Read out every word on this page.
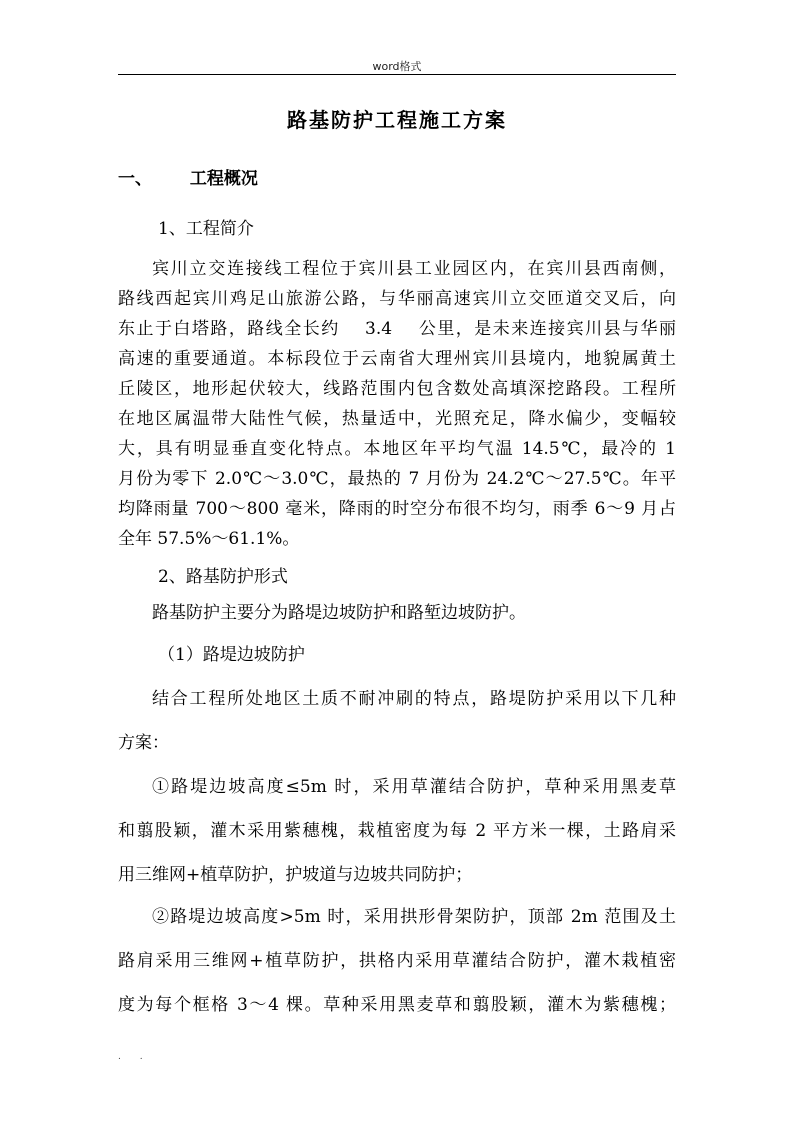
word格式
路基防护工程施工方案
一、 工程概况
1、工程简介
宾川立交连接线工程位于宾川县工业园区内，在宾川县西南侧，
路线西起宾川鸡足山旅游公路，与华丽高速宾川立交匝道交叉后，向
东止于白塔路，路线全长约　 3.4　 公里，是未来连接宾川县与华丽
高速的重要通道。本标段位于云南省大理州宾川县境内，地貌属黄土
丘陵区，地形起伏较大，线路范围内包含数处高填深挖路段。工程所
在地区属温带大陆性气候，热量适中，光照充足，降水偏少，变幅较
大，具有明显垂直变化特点。本地区年平均气温 14.5℃，最冷的 1
月份为零下 2.0℃～3.0℃，最热的 7 月份为 24.2℃～27.5℃。年平
均降雨量 700～800 毫米，降雨的时空分布很不均匀，雨季 6～9 月占
全年 57.5%～61.1%。
2、路基防护形式
路基防护主要分为路堤边坡防护和路堑边坡防护。
（1）路堤边坡防护
结合工程所处地区土质不耐冲刷的特点，路堤防护采用以下几种
方案：
①路堤边坡高度≤5m 时，采用草灌结合防护，草种采用黑麦草
和翦股颖，灌木采用紫穗槐，栽植密度为每 2 平方米一棵，土路肩采
用三维网+植草防护，护坡道与边坡共同防护；
②路堤边坡高度>5m 时，采用拱形骨架防护，顶部 2m 范围及土
路肩采用三维网+植草防护，拱格内采用草灌结合防护，灌木栽植密
度为每个框格 3～4 棵。草种采用黑麦草和翦股颖，灌木为紫穗槐；
. .
